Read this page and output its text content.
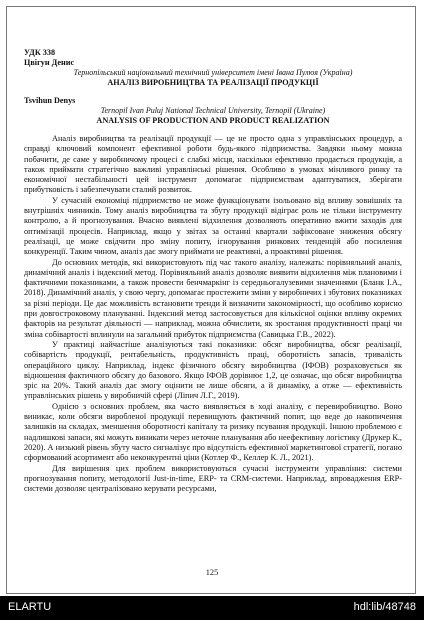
УДК 338

Цвігун Денис

Тернопільський національний технічний університет імені Івана Пулюя (Україна)

АНАЛІЗ ВИРОБНИЦТВА ТА РЕАЛІЗАЦІЇ ПРОДУКЦІЇ

Tsvihun Denys

Ternopil Ivan Puluj National Technical University, Ternopil (Ukraine)

ANALYSIS OF PRODUCTION AND PRODUCT REALIZATION

Аналіз виробництва та реалізації продукції — це не просто одна з управлінських процедур, а справді ключовий компонент ефективної роботи будь-якого підприємства. Завдяки ньому можна побачити, де саме у виробничому процесі є слабкі місця, наскільки ефективно продається продукція, а також приймати стратегічно важливі управлінські рішення. Особливо в умовах мінливого ринку та економічної нестабільності цей інструмент допомагає підприємствам адаптуватися, зберігати прибутковість і забезпечувати сталий розвиток.

У сучасній економіці підприємство не може функціонувати ізольовано від впливу зовнішніх та внутрішніх чинників. Тому аналіз виробництва та збуту продукції відіграє роль не тільки інструменту контролю, а й прогнозування. Вчасно виявлені відхилення дозволяють оперативно вжити заходів для оптимізації процесів. Наприклад, якщо у звітах за останні квартали зафіксоване зниження обсягу реалізації, це може свідчити про зміну попиту, ігнорування ринкових тенденцій або посилення конкуренції. Таким чином, аналіз дає змогу приймати не реактивні, а проактивні рішення.

До основних методів, які використовують під час такого аналізу, належать: порівняльний аналіз, динамічний аналіз і індексний метод. Порівняльний аналіз дозволяє виявити відхилення між плановими і фактичними показниками, а також провести бенчмаркінг із середньогалузевими значеннями (Бланк І.А., 2018). Динамічний аналіз, у свою чергу, допомагає простежити зміни у виробничих і збутових показниках за різні періоди. Це дає можливість встановити тренди й визначити закономірності, що особливо корисно при довгостроковому плануванні. Індексний метод застосовується для кількісної оцінки впливу окремих факторів на результат діяльності — наприклад, можна обчислити, як зростання продуктивності праці чи зміна собівартості вплинули на загальний прибуток підприємства (Савицька Г.В., 2022).

У практиці найчастіше аналізуються такі показники: обсяг виробництва, обсяг реалізації, собівартість продукції, рентабельність, продуктивність праці, оборотність запасів, тривалість операційного циклу. Наприклад, індекс фізичного обсягу виробництва (ІФОВ) розраховується як відношення фактичного обсягу до базового. Якщо ІФОВ дорівнює 1,2, це означає, що обсяг виробництва зріс на 20%. Такий аналіз дає змогу оцінити не лише обсяги, а й динаміку, а отже — ефективність управлінських рішень у виробничій сфері (Ліпич Л.Г., 2019).

Однією з основних проблем, яка часто виявляється в ході аналізу, є перевиробництво. Воно виникає, коли обсяги виробленої продукції перевищують фактичний попит, що веде до накопичення залишків на складах, зменшення оборотності капіталу та ризику псування продукції. Іншою проблемою є надлишкові запаси, які можуть виникати через неточне планування або неефективну логістику (Друкер К., 2020). А низький рівень збуту часто сигналізує про відсутність ефективної маркетингової стратегії, погано сформований асортимент або неконкурентні ціни (Котлер Ф., Келлер К. Л., 2021).

Для вирішення цих проблем використовуються сучасні інструменти управління: системи прогнозування попиту, методології Just-in-time, ERP- та CRM-системи. Наприклад, впровадження ERP-системи дозволяє централізовано керувати ресурсами,

125
ELARTU	hdl:lib/48748
